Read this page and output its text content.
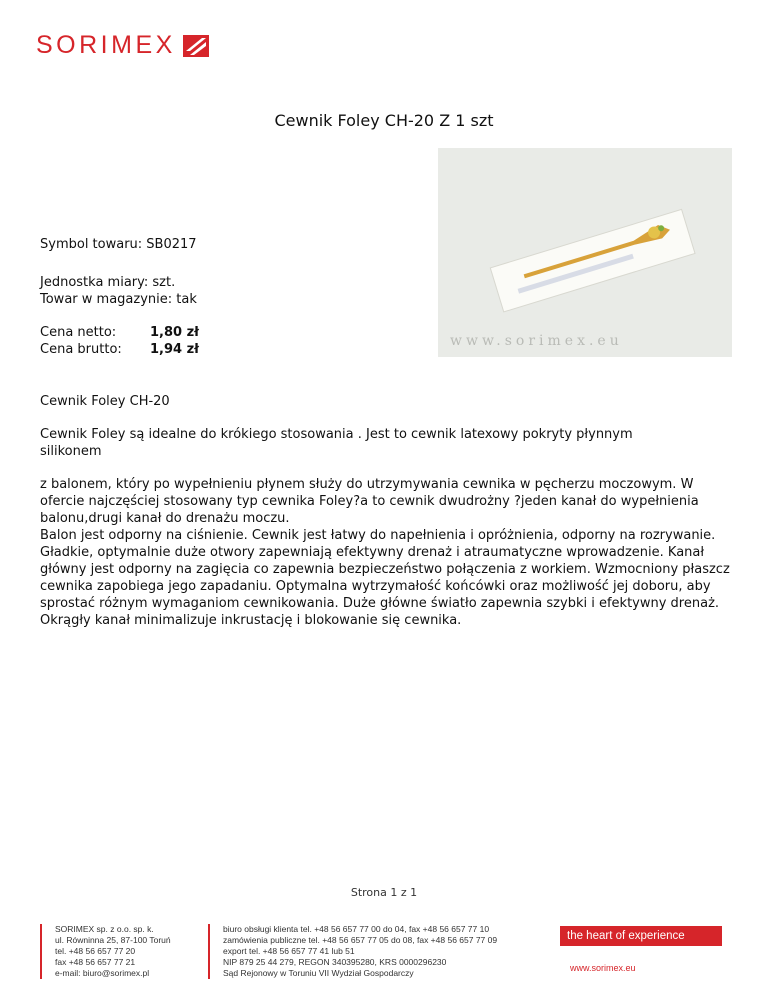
SORIMEX
Cewnik Foley CH-20 Z 1 szt
www.sorimex.eu
Symbol towaru: SB0217
Jednostka miary: szt.
Towar w magazynie: tak
Cena netto:	1,80 zł
Cena brutto:	1,94 zł
Cewnik Foley CH-20
Cewnik Foley są idealne do krókiego stosowania . Jest to cewnik latexowy pokryty płynnym silikonem

z balonem, który po wypełnieniu płynem służy do utrzymywania cewnika w pęcherzu moczowym. W ofercie najczęściej stosowany typ cewnika Foley?a to cewnik dwudrożny ?jeden kanał do wypełnienia balonu,drugi kanał do drenażu moczu.

Balon jest odporny na ciśnienie. Cewnik jest łatwy do napełnienia i opróżnienia, odporny na rozrywanie. Gładkie, optymalnie duże otwory zapewniają efektywny drenaż i atraumatyczne wprowadzenie. Kanał główny jest odporny na zagięcia co zapewnia bezpieczeństwo połączenia z workiem. Wzmocniony płaszcz cewnika zapobiega jego zapadaniu. Optymalna wytrzymałość końcówki oraz możliwość jej doboru, aby sprostać różnym wymaganiom cewnikowania. Duże główne światło zapewnia szybki i efektywny drenaż. Okrągły kanał minimalizuje inkrustację i blokowanie się cewnika.

Strona 1 z 1
SORIMEX sp. z o.o. sp. k.
ul. Równinna 25, 87-100 Toruń
tel. +48 56 657 77 20
fax +48 56 657 77 21
e-mail: biuro@sorimex.pl
biuro obsługi klienta tel. +48 56 657 77 00 do 04, fax +48 56 657 77 10
zamówienia publiczne tel. +48 56 657 77 05 do 08, fax +48 56 657 77 09
export tel. +48 56 657 77 41 lub 51
NIP 879 25 44 279, REGON 340395280, KRS 0000296230
Sąd Rejonowy w Toruniu VII Wydział Gospodarczy
the heart of experience
www.sorimex.eu
